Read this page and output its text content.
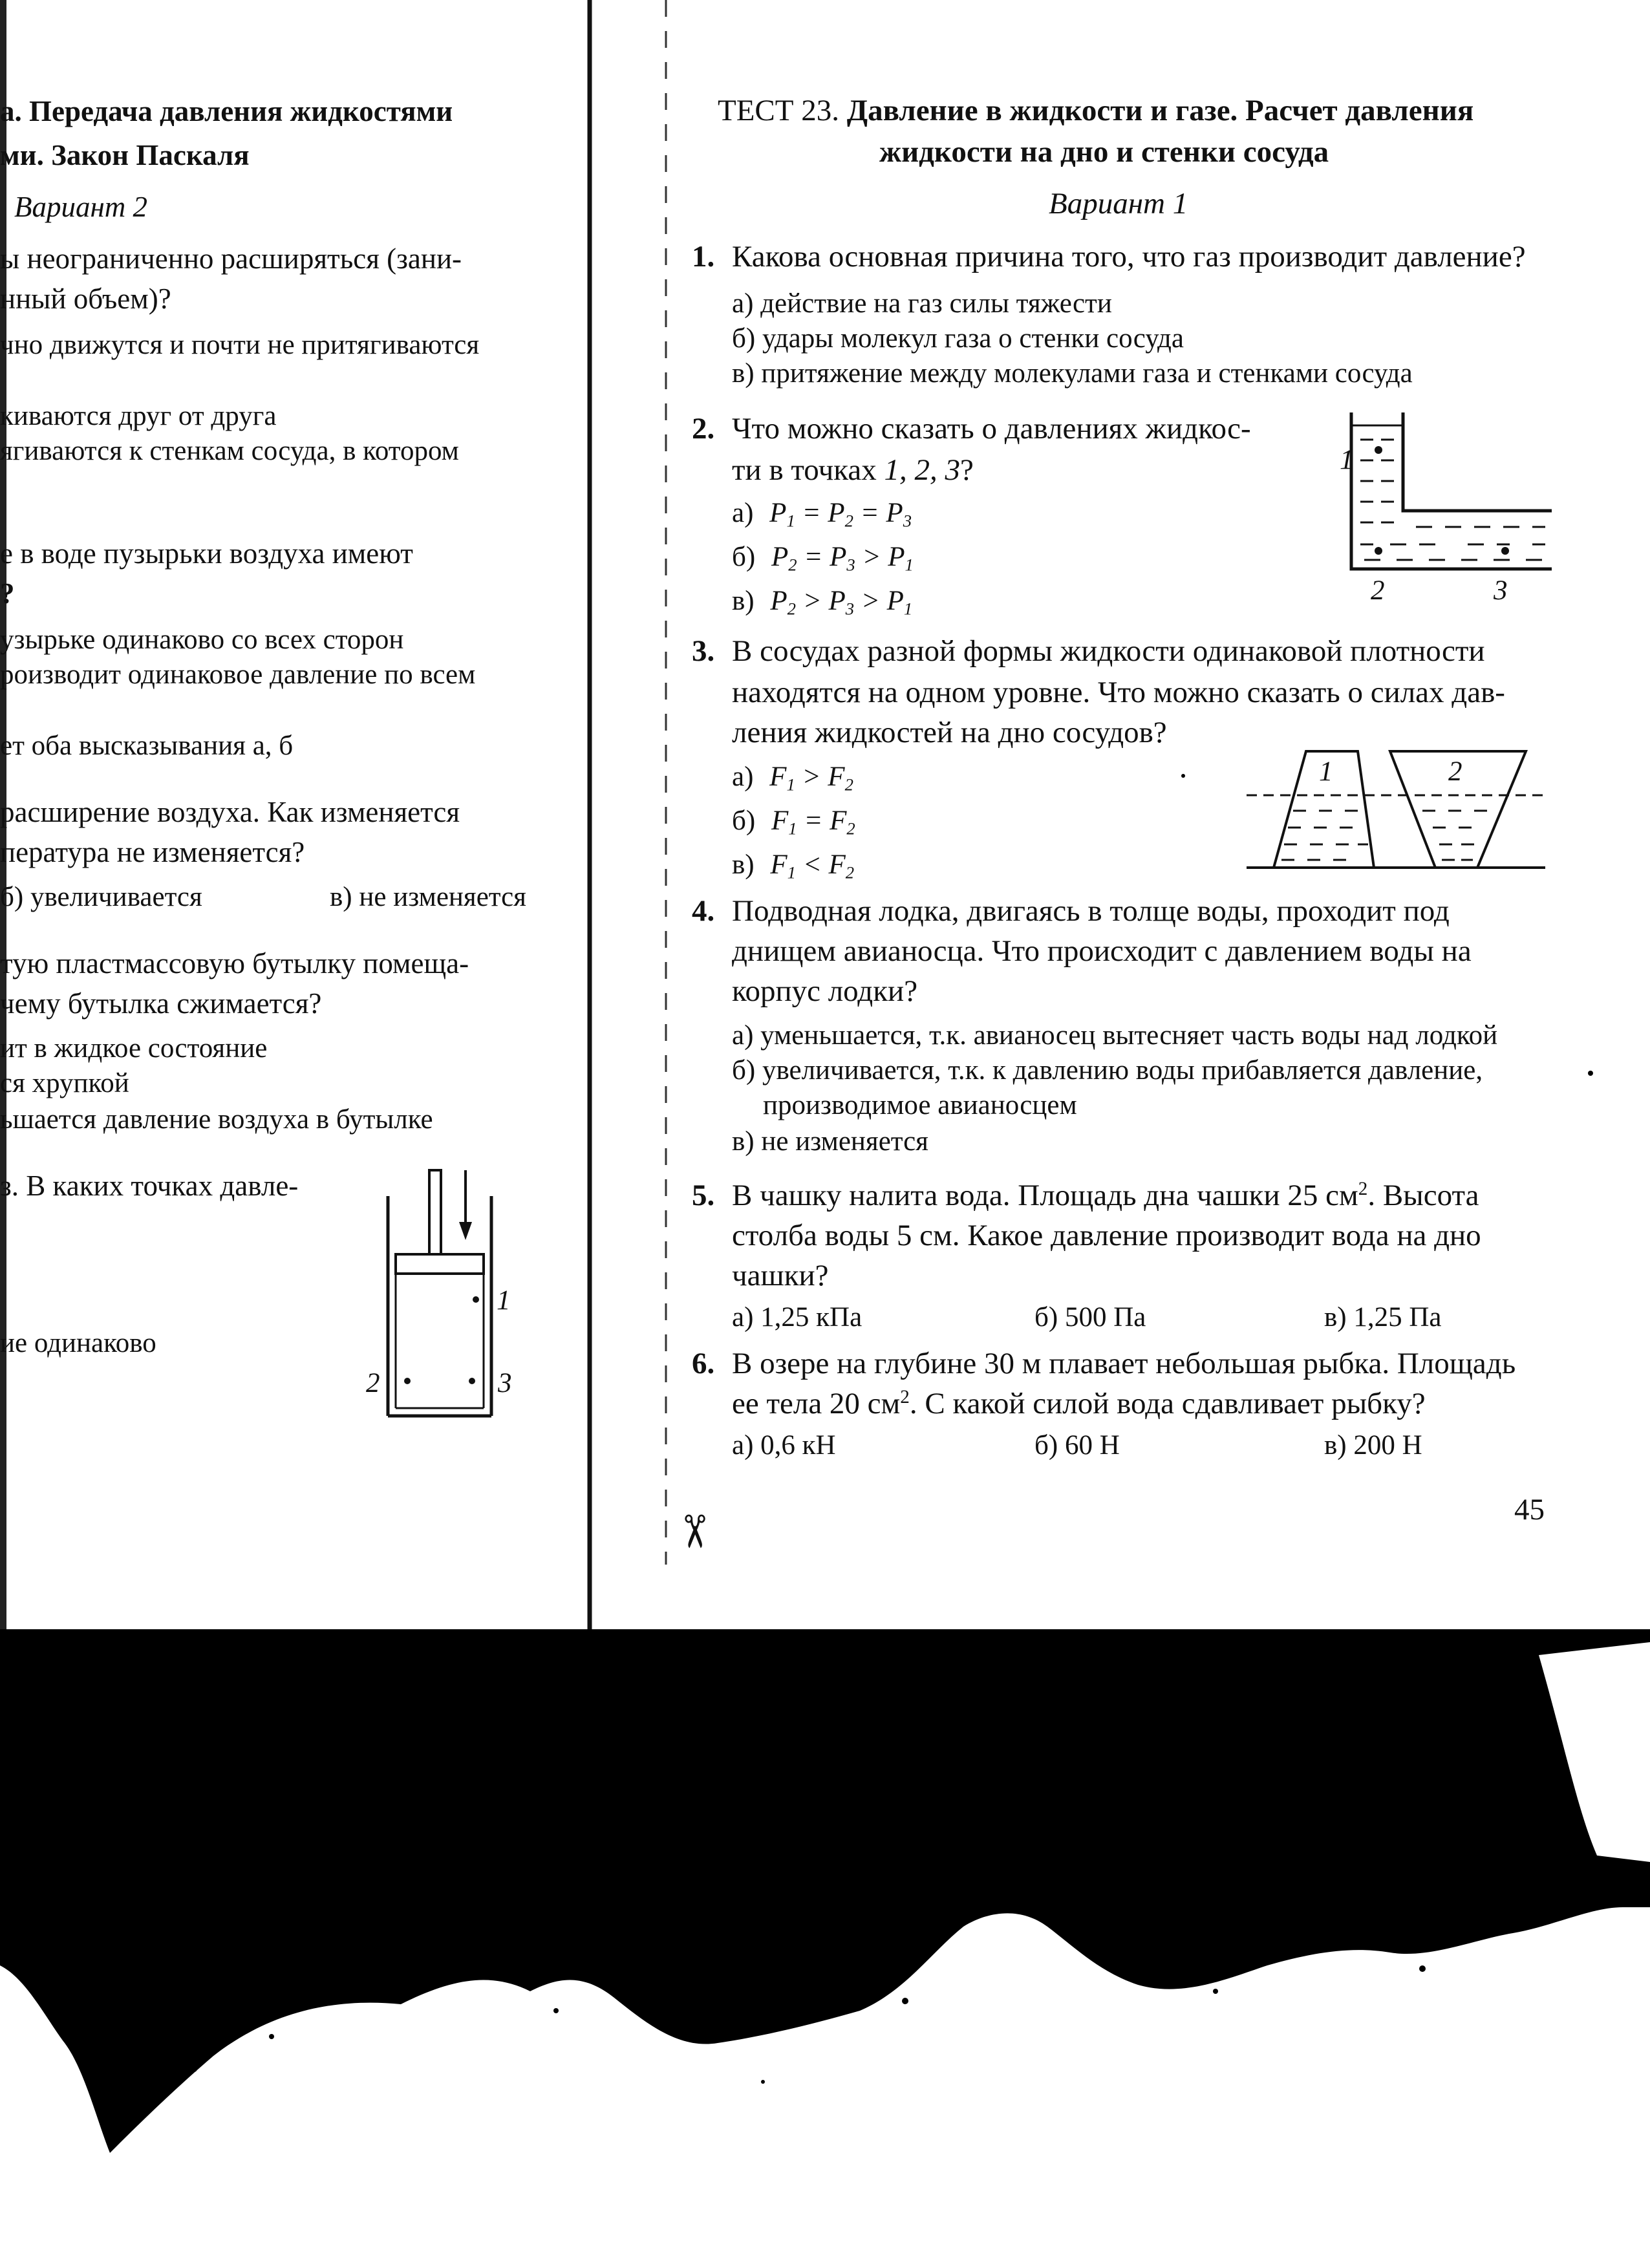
а. Передача давления жидкостями
ми. Закон Паскаля
Вариант 2
ы неограниченно расширяться (зани-
нный объем)?
чно движутся и почти не притягиваются
киваются друг от друга
ягиваются к стенкам сосуда, в котором
е в воде пузырьки воздуха имеют
?
узырьке одинаково со всех сторон
роизводит одинаковое давление по всем
ет оба высказывания а, б
расширение воздуха. Как изменяется
пература не изменяется?
б) увеличивается	в) не изменяется
тую пластмассовую бутылку помеща-
чему бутылка сжимается?
ит в жидкое состояние
ся хрупкой
ьшается давление воздуха в бутылке
з. В каких точках давле-
ие одинаково
1
2	3
ТЕСТ 23. Давление в жидкости и газе. Расчет давления
жидкости на дно и стенки сосуда
Вариант 1
1. Какова основная причина того, что газ производит давление?
а) действие на газ силы тяжести
б) удары молекул газа о стенки сосуда
в) притяжение между молекулами газа и стенками сосуда
2. Что можно сказать о давлениях жидкос-
ти в точках 1, 2, 3?
а) $P_1 = P_2 = P_3$
б) $P_2 = P_3 > P_1$
в) $P_2 > P_3 > P_1$
1
2	3
3. В сосудах разной формы жидкости одинаковой плотности
находятся на одном уровне. Что можно сказать о силах дав-
ления жидкостей на дно сосудов?
а) $F_1 > F_2$
б) $F_1 = F_2$
в) $F_1 < F_2$
1	2
4. Подводная лодка, двигаясь в толще воды, проходит под
днищем авианосца. Что происходит с давлением воды на
корпус лодки?
а) уменьшается, т.к. авианосец вытесняет часть воды над лодкой
б) увеличивается, т.к. к давлению воды прибавляется давление,
производимое авианосцем
в) не изменяется
5. В чашку налита вода. Площадь дна чашки 25 $см^2$. Высота
столба воды 5 см. Какое давление производит вода на дно
чашки?
а) 1,25 кПа	б) 500 Па	в) 1,25 Па
6. В озере на глубине 30 м плавает небольшая рыбка. Площадь
ее тела 20 $см^2$. С какой силой вода сдавливает рыбку?
а) 0,6 кН	б) 60 Н	в) 200 Н
45
✂
